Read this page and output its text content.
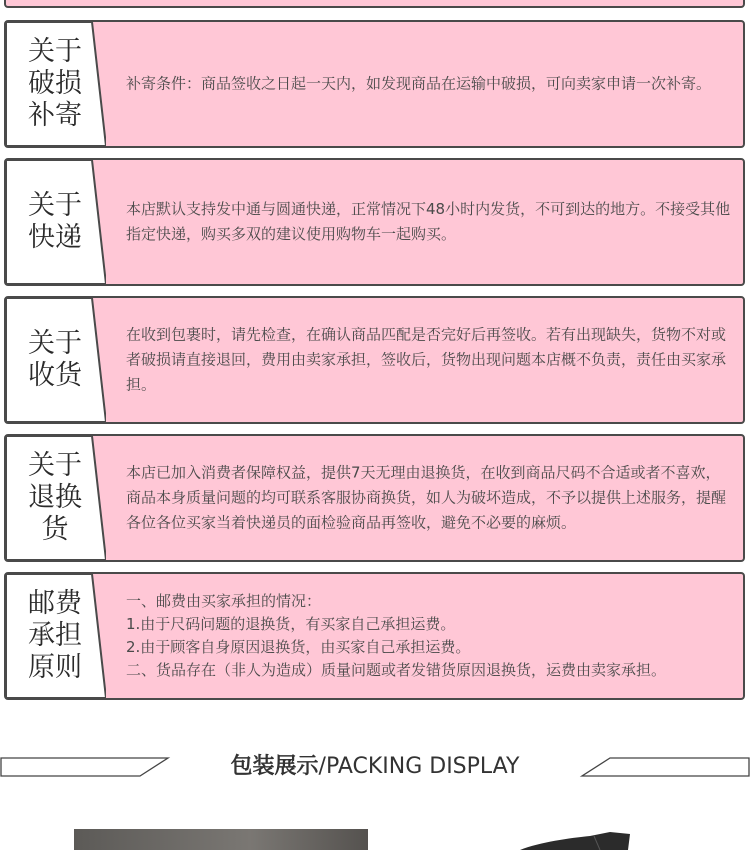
关于破损补寄
补寄条件：商品签收之日起一天内，如发现商品在运输中破损，可向卖家申请一次补寄。
关于快递
本店默认支持发中通与圆通快递，正常情况下48小时内发货，不可到达的地方。不接受其他指定快递，购买多双的建议使用购物车一起购买。
关于收货
在收到包裹时，请先检查，在确认商品匹配是否完好后再签收。若有出现缺失，货物不对或者破损请直接退回，费用由卖家承担，签收后，货物出现问题本店概不负责，责任由买家承担。
关于退换货
本店已加入消费者保障权益，提供7天无理由退换货，在收到商品尺码不合适或者不喜欢，商品本身质量问题的均可联系客服协商换货，如人为破坏造成，不予以提供上述服务，提醒各位各位买家当着快递员的面检验商品再签收，避免不必要的麻烦。
邮费承担原则
一、邮费由买家承担的情况：
1.由于尺码问题的退换货，有买家自己承担运费。
2.由于顾客自身原因退换货，由买家自己承担运费。
二、货品存在（非人为造成）质量问题或者发错货原因退换货，运费由卖家承担。
包装展示/PACKING DISPLAY
